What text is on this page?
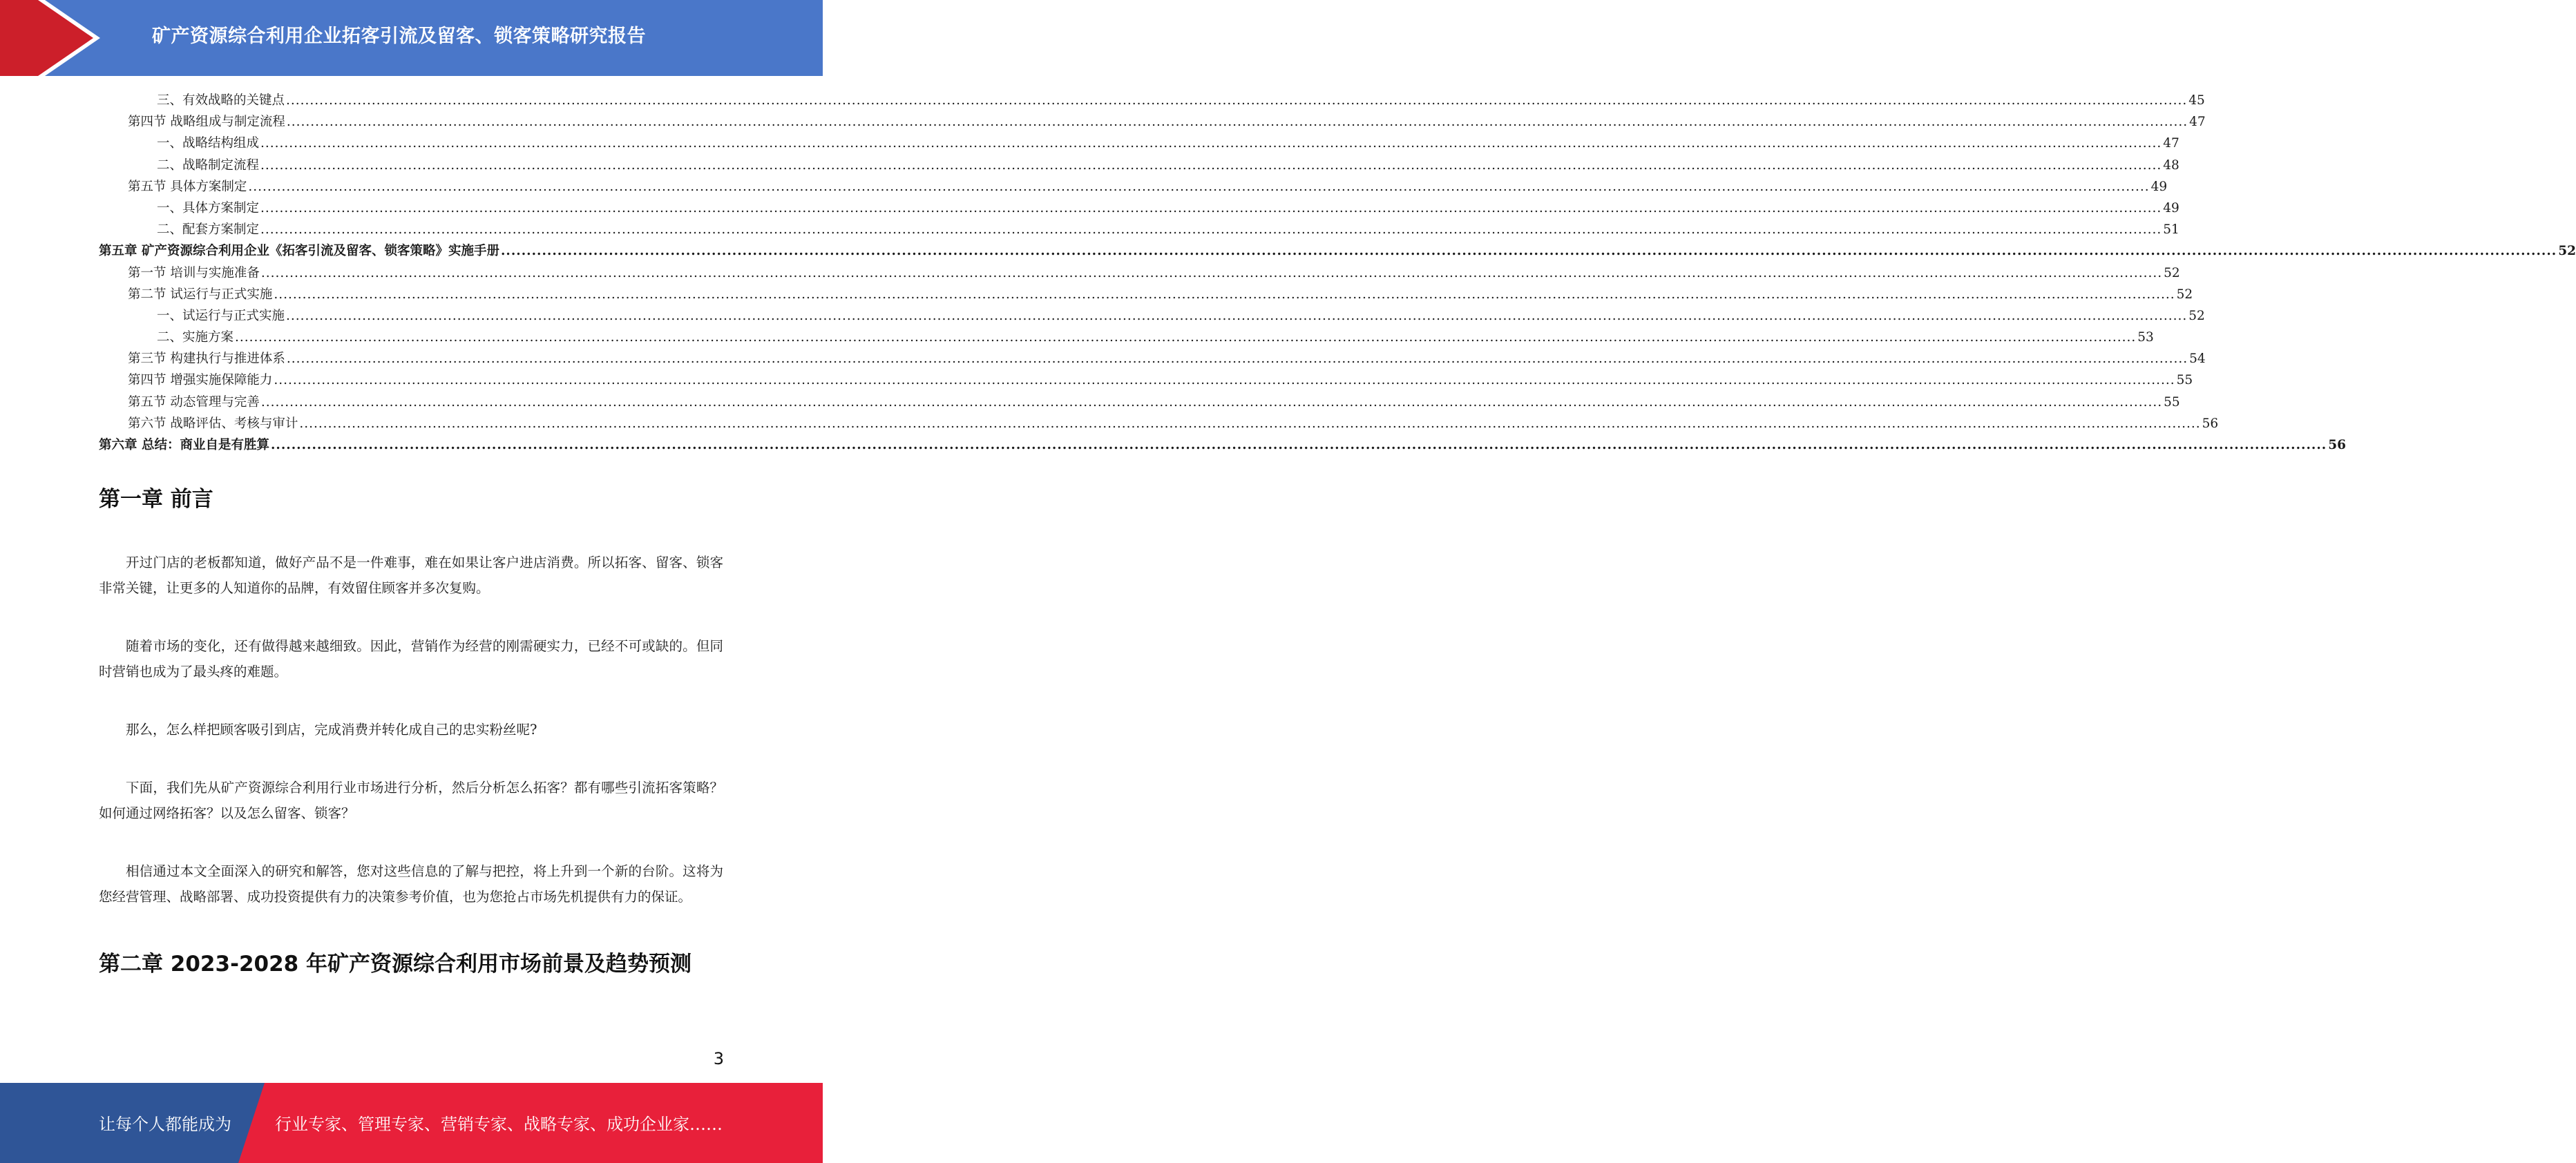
矿产资源综合利用企业拓客引流及留客、锁客策略研究报告
三、有效战略的关键点 ................................................................................................................................................................................................................................................................................................................................................................................................................ 45
第四节 战略组成与制定流程 ................................................................................................................................................................................................................................................................................................................................................................................................................ 47
一、战略结构组成 ................................................................................................................................................................................................................................................................................................................................................................................................................ 47
二、战略制定流程 ................................................................................................................................................................................................................................................................................................................................................................................................................ 48
第五节 具体方案制定 ................................................................................................................................................................................................................................................................................................................................................................................................................ 49
一、具体方案制定 ................................................................................................................................................................................................................................................................................................................................................................................................................ 49
二、配套方案制定 ................................................................................................................................................................................................................................................................................................................................................................................................................ 51
第五章 矿产资源综合利用企业《拓客引流及留客、锁客策略》实施手册 ................................................................................................................................................................................................................................................................................................................................................................................................................ 52
第一节 培训与实施准备 ................................................................................................................................................................................................................................................................................................................................................................................................................ 52
第二节 试运行与正式实施 ................................................................................................................................................................................................................................................................................................................................................................................................................ 52
一、试运行与正式实施 ................................................................................................................................................................................................................................................................................................................................................................................................................ 52
二、实施方案 ................................................................................................................................................................................................................................................................................................................................................................................................................ 53
第三节 构建执行与推进体系 ................................................................................................................................................................................................................................................................................................................................................................................................................ 54
第四节 增强实施保障能力 ................................................................................................................................................................................................................................................................................................................................................................................................................ 55
第五节 动态管理与完善 ................................................................................................................................................................................................................................................................................................................................................................................................................ 55
第六节 战略评估、考核与审计 ................................................................................................................................................................................................................................................................................................................................................................................................................ 56
第六章 总结：商业自是有胜算 ................................................................................................................................................................................................................................................................................................................................................................................................................ 56
第一章 前言

开过门店的老板都知道，做好产品不是一件难事，难在如果让客户进店消费。所以拓客、留客、锁客非常关键，让更多的人知道你的品牌，有效留住顾客并多次复购。

随着市场的变化，还有做得越来越细致。因此，营销作为经营的刚需硬实力，已经不可或缺的。但同时营销也成为了最头疼的难题。

那么，怎么样把顾客吸引到店，完成消费并转化成自己的忠实粉丝呢?

下面，我们先从矿产资源综合利用行业市场进行分析，然后分析怎么拓客？都有哪些引流拓客策略？如何通过网络拓客？以及怎么留客、锁客？

相信通过本文全面深入的研究和解答，您对这些信息的了解与把控，将上升到一个新的台阶。这将为您经营管理、战略部署、成功投资提供有力的决策参考价值，也为您抢占市场先机提供有力的保证。

第二章 2023-2028 年矿产资源综合利用市场前景及趋势预测
3
让每个人都能成为	行业专家、管理专家、营销专家、战略专家、成功企业家……
